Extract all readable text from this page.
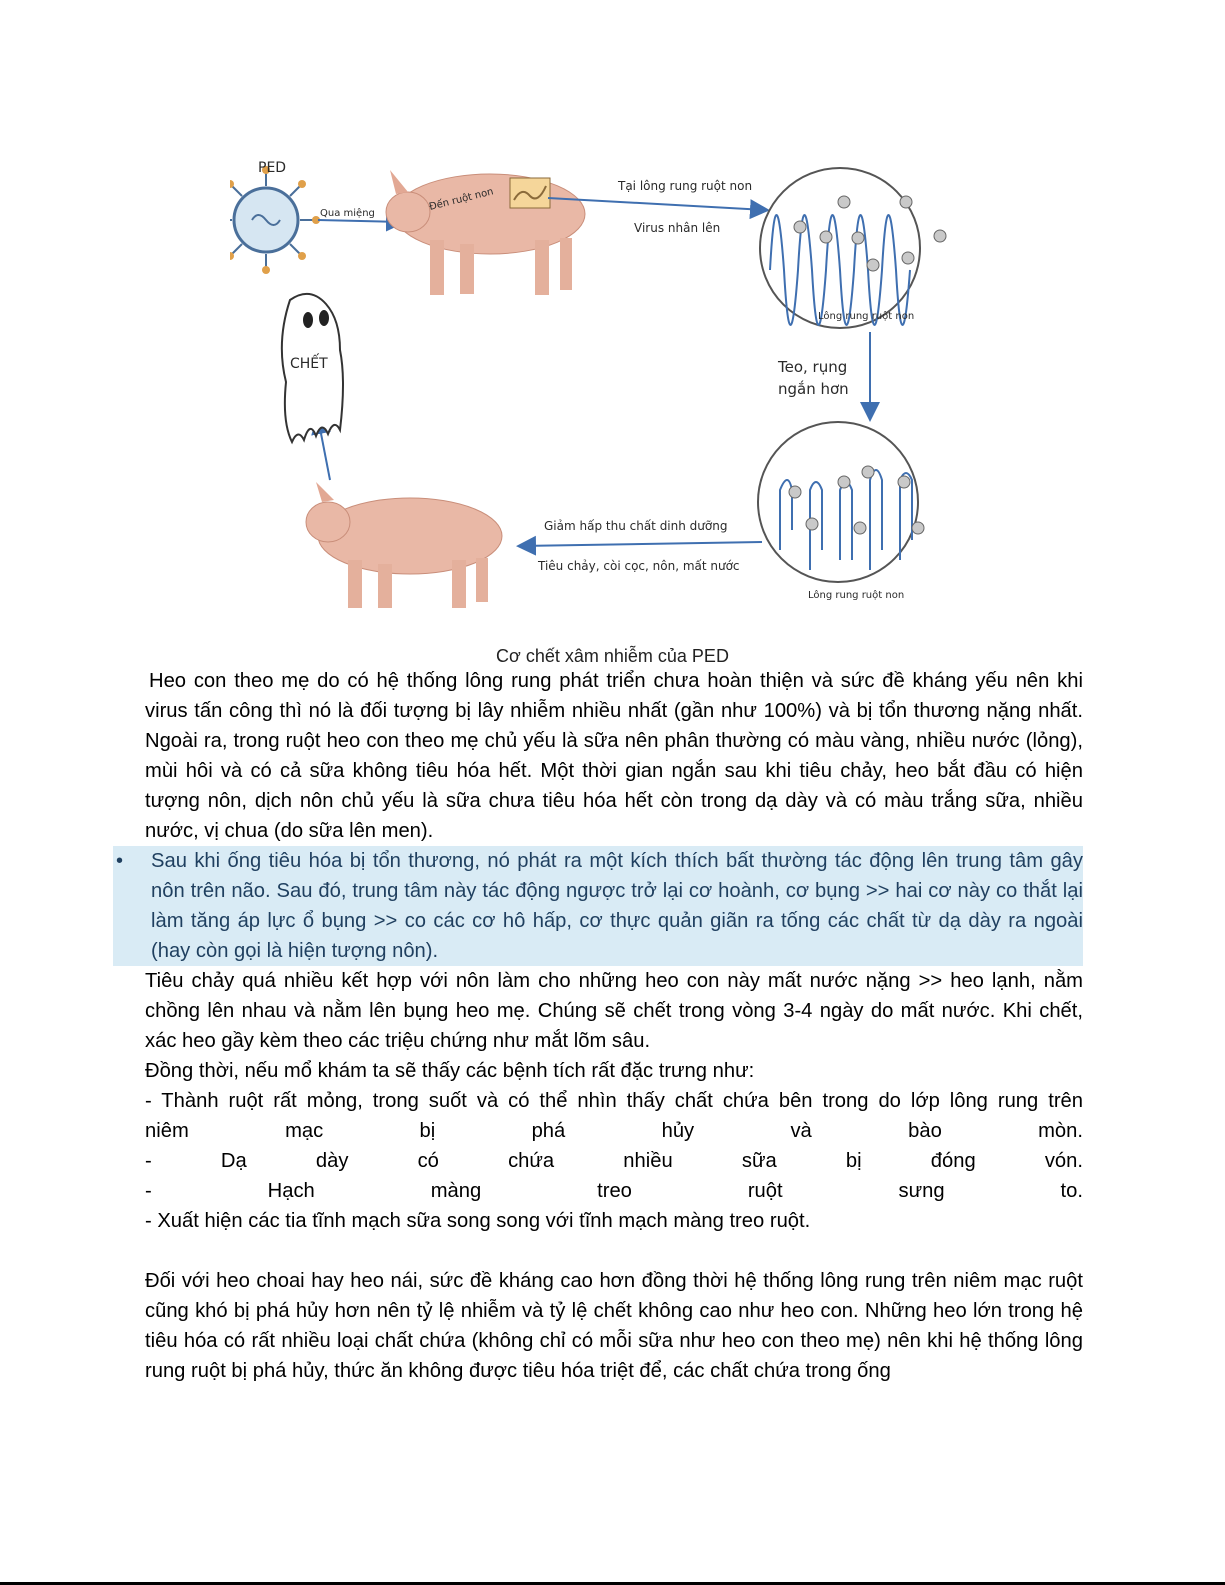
PED
Qua miệng
Đến ruột non
Tại lông rung ruột non
Virus nhân lên
Lông rung ruột non
Teo, rụng
ngắn hơn
Lông rung ruột non
Giảm hấp thu chất dinh dưỡng
Tiêu chảy, còi cọc, nôn, mất nước
CHẾT
Cơ chết xâm nhiễm của PED

Heo con theo mẹ do có hệ thống lông rung phát triển chưa hoàn thiện và sức đề kháng yếu nên khi virus tấn công thì nó là đối tượng bị lây nhiễm nhiều nhất (gần như 100%) và bị tổn thương nặng nhất. Ngoài ra, trong ruột heo con theo mẹ chủ yếu là sữa nên phân thường có màu vàng, nhiều nước (lỏng), mùi hôi và có cả sữa không tiêu hóa hết. Một thời gian ngắn sau khi tiêu chảy, heo bắt đầu có hiện tượng nôn, dịch nôn chủ yếu là sữa chưa tiêu hóa hết còn trong dạ dày và có màu trắng sữa, nhiều nước, vị chua (do sữa lên men).

• Sau khi ống tiêu hóa bị tổn thương, nó phát ra một kích thích bất thường tác động lên trung tâm gây nôn trên não. Sau đó, trung tâm này tác động ngược trở lại cơ hoành, cơ bụng >> hai cơ này co thắt lại làm tăng áp lực ổ bụng >> co các cơ hô hấp, cơ thực quản giãn ra tống các chất từ dạ dày ra ngoài (hay còn gọi là hiện tượng nôn).

Tiêu chảy quá nhiều kết hợp với nôn làm cho những heo con này mất nước nặng >> heo lạnh, nằm chồng lên nhau và nằm lên bụng heo mẹ. Chúng sẽ chết trong vòng 3-4 ngày do mất nước. Khi chết, xác heo gầy kèm theo các triệu chứng như mắt lõm sâu.

Đồng thời, nếu mổ khám ta sẽ thấy các bệnh tích rất đặc trưng như:

- Thành ruột rất mỏng, trong suốt và có thể nhìn thấy chất chứa bên trong do lớp lông rung trên

niêm mạc bị phá hủy và bào mòn.

- Dạ dày có chứa nhiều sữa bị đóng vón.

- Hạch màng treo ruột sưng to.

- Xuất hiện các tia tĩnh mạch sữa song song với tĩnh mạch màng treo ruột.

Đối với heo choai hay heo nái, sức đề kháng cao hơn đồng thời hệ thống lông rung trên niêm mạc ruột cũng khó bị phá hủy hơn nên tỷ lệ nhiễm và tỷ lệ chết không cao như heo con. Những heo lớn trong hệ tiêu hóa có rất nhiều loại chất chứa (không chỉ có mỗi sữa như heo con theo mẹ) nên khi hệ thống lông rung ruột bị phá hủy, thức ăn không được tiêu hóa triệt để, các chất chứa trong ống
